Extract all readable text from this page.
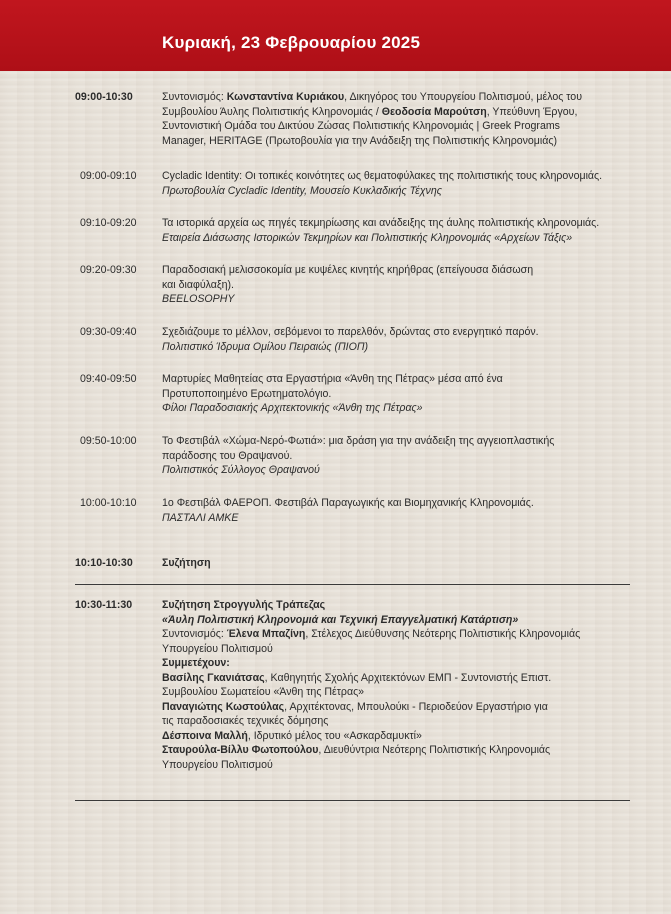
Κυριακή, 23 Φεβρουαρίου 2025
09:00-10:30	Συντονισμός: Κωνσταντίνα Κυριάκου, Δικηγόρος του Υπουργείου Πολιτισμού, μέλος του
Συμβουλίου Άυλης Πολιτιστικής Κληρονομιάς / Θεοδοσία Μαρούτση, Υπεύθυνη Έργου,
Συντονιστική Ομάδα του Δικτύου Ζώσας Πολιτιστικής Κληρονομιάς | Greek Programs
Manager, HERITAGE (Πρωτοβουλία για την Ανάδειξη της Πολιτιστικής Κληρονομιάς)
09:00-09:10	Cycladic Identity: Οι τοπικές κοινότητες ως θεματοφύλακες της πολιτιστικής τους κληρονομιάς.
Πρωτοβουλία Cycladic Identity, Μουσείο Κυκλαδικής Τέχνης
09:10-09:20	Τα ιστορικά αρχεία ως πηγές τεκμηρίωσης και ανάδειξης της άυλης πολιτιστικής κληρονομιάς.
Εταιρεία Διάσωσης Ιστορικών Τεκμηρίων και Πολιτιστικής Κληρονομιάς «Αρχείων Τάξις»
09:20-09:30	Παραδοσιακή μελισσοκομία με κυψέλες κινητής κηρήθρας (επείγουσα διάσωση
και διαφύλαξη).
BEELOSOPHY
09:30-09:40	Σχεδιάζουμε το μέλλον, σεβόμενοι το παρελθόν, δρώντας στο ενεργητικό παρόν.
Πολιτιστικό Ίδρυμα Ομίλου Πειραιώς (ΠΙΟΠ)
09:40-09:50	Μαρτυρίες Μαθητείας στα Εργαστήρια «Άνθη της Πέτρας» μέσα από ένα
Προτυποποιημένο Ερωτηματολόγιο.
Φίλοι Παραδοσιακής Αρχιτεκτονικής «Άνθη της Πέτρας»
09:50-10:00	Το Φεστιβάλ «Χώμα-Νερό-Φωτιά»: μια δράση για την ανάδειξη της αγγειοπλαστικής
παράδοσης του Θραψανού.
Πολιτιστικός Σύλλογος Θραψανού
10:00-10:10	1ο Φεστιβάλ ΦΑΕΡΟΠ. Φεστιβάλ Παραγωγικής και Βιομηχανικής Κληρονομιάς.
ΠΑΣΤΑΛΙ ΑΜΚΕ
10:10-10:30	Συζήτηση
10:30-11:30	Συζήτηση Στρογγυλής Τράπεζας
«Άυλη Πολιτιστική Κληρονομιά και Τεχνική Επαγγελματική Κατάρτιση»
Συντονισμός: Έλενα Μπαζίνη, Στέλεχος Διεύθυνσης Νεότερης Πολιτιστικής Κληρονομιάς
Υπουργείου Πολιτισμού
Συμμετέχουν:
Βασίλης Γκανιάτσας, Καθηγητής Σχολής Αρχιτεκτόνων ΕΜΠ - Συντονιστής Επιστ.
Συμβουλίου Σωματείου «Άνθη της Πέτρας»
Παναγιώτης Κωστούλας, Αρχιτέκτονας, Μπουλούκι - Περιοδεύον Εργαστήριο για
τις παραδοσιακές τεχνικές δόμησης
Δέσποινα Μαλλή, Ιδρυτικό μέλος του «Ασκαρδαμυκτί»
Σταυρούλα-Βίλλυ Φωτοπούλου, Διευθύντρια Νεότερης Πολιτιστικής Κληρονομιάς
Υπουργείου Πολιτισμού
